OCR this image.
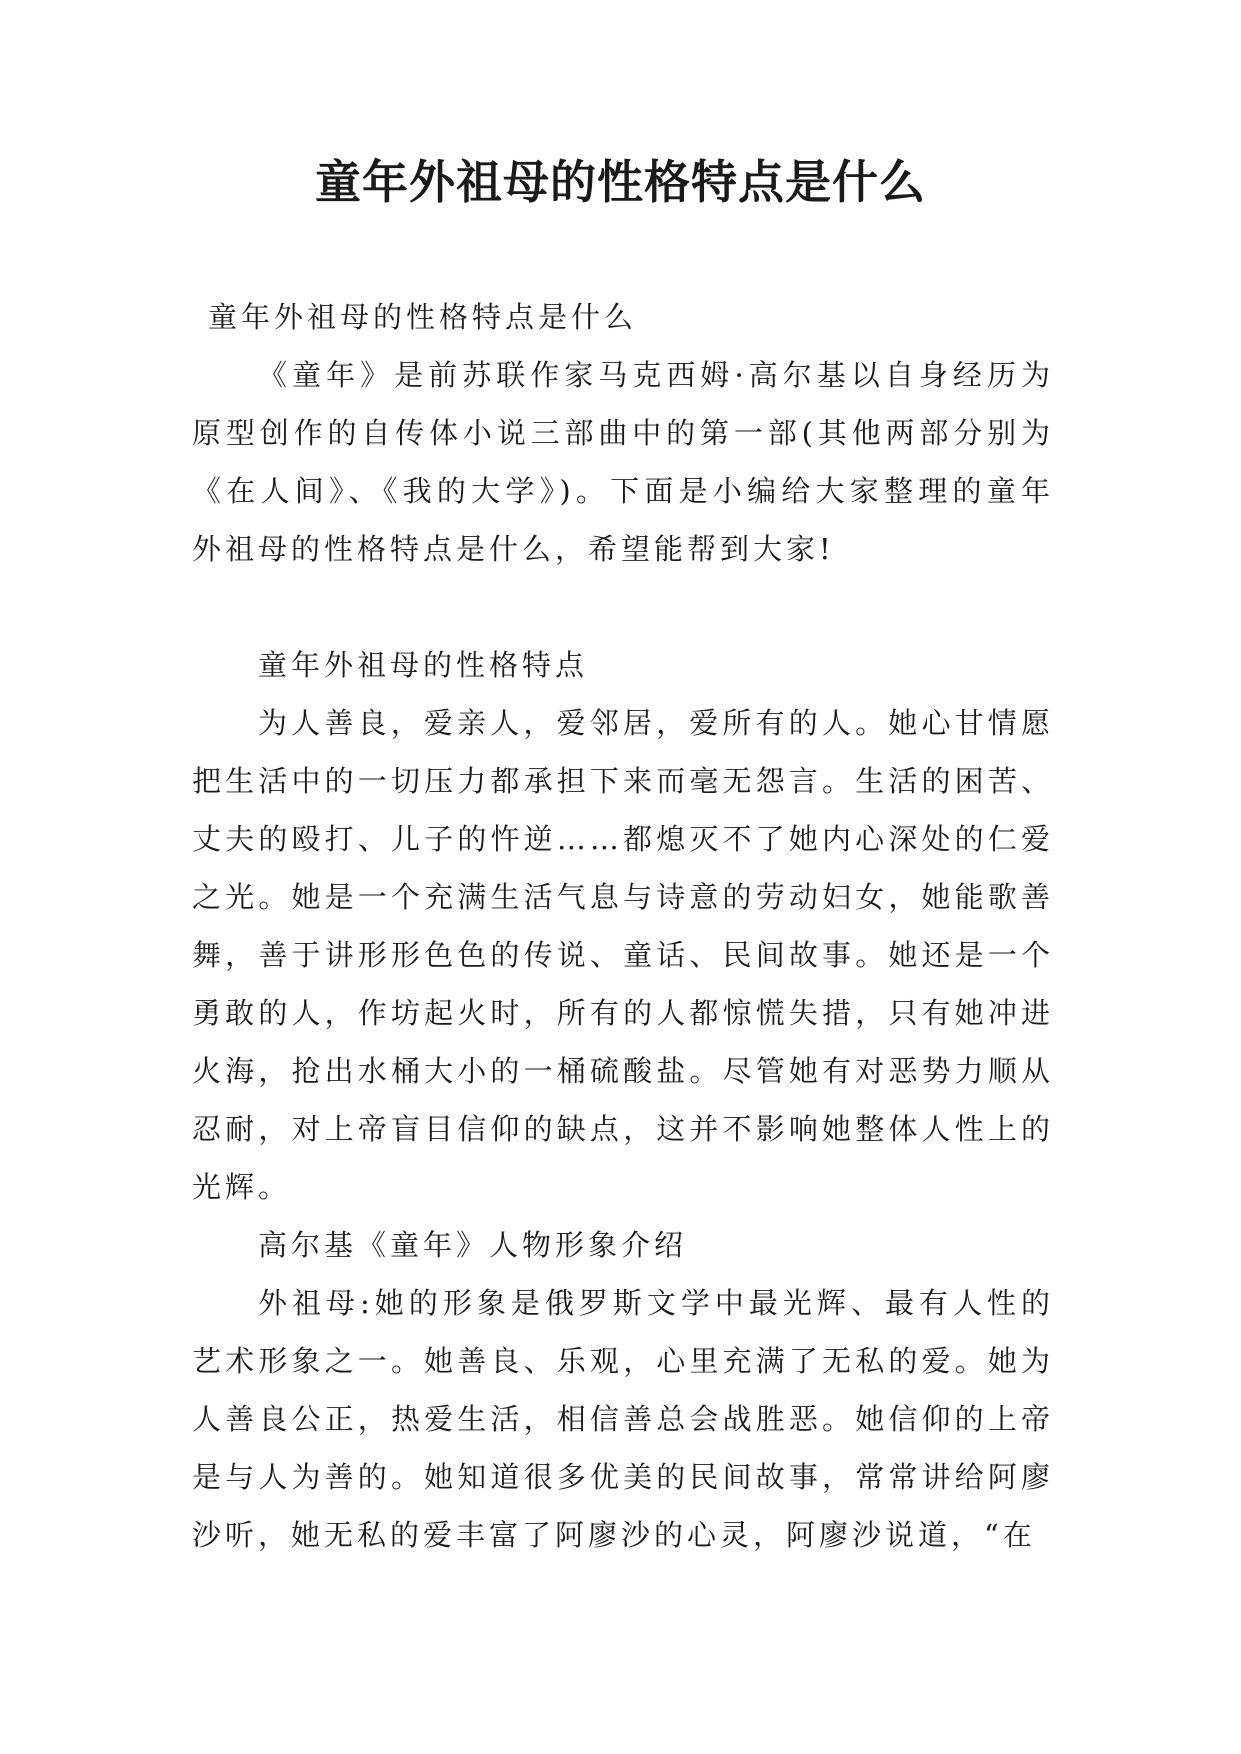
童年外祖母的性格特点是什么

童年外祖母的性格特点是什么

《童年》是前苏联作家马克西姆·高尔基以自身经历为原型创作的自传体小说三部曲中的第一部(其他两部分别为《在人间》、《我的大学》)。下面是小编给大家整理的童年外祖母的性格特点是什么，希望能帮到大家!

童年外祖母的性格特点

为人善良，爱亲人，爱邻居，爱所有的人。她心甘情愿把生活中的一切压力都承担下来而毫无怨言。生活的困苦、丈夫的殴打、儿子的忤逆……都熄灭不了她内心深处的仁爱之光。她是一个充满生活气息与诗意的劳动妇女，她能歌善舞，善于讲形形色色的传说、童话、民间故事。她还是一个勇敢的人，作坊起火时，所有的人都惊慌失措，只有她冲进火海，抢出水桶大小的一桶硫酸盐。尽管她有对恶势力顺从忍耐，对上帝盲目信仰的缺点，这并不影响她整体人性上的光辉。

高尔基《童年》人物形象介绍

外祖母:她的形象是俄罗斯文学中最光辉、最有人性的艺术形象之一。她善良、乐观，心里充满了无私的爱。她为人善良公正，热爱生活，相信善总会战胜恶。她信仰的上帝是与人为善的。她知道很多优美的民间故事，常常讲给阿廖沙听，她无私的爱丰富了阿廖沙的心灵，阿廖沙说道，“在
